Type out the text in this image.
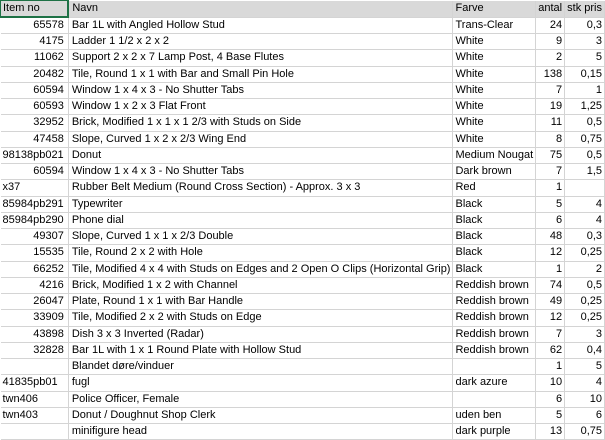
Item no	Navn	Farve	antal	stk pris
65578	Bar 1L with Angled Hollow Stud	Trans-Clear	24	0,3
4175	Ladder 1 1/2 x 2 x 2	White	9	3
11062	Support 2 x 2 x 7 Lamp Post, 4 Base Flutes	White	2	5
20482	Tile, Round 1 x 1 with Bar and Small Pin Hole	White	138	0,15
60594	Window 1 x 4 x 3 - No Shutter Tabs	White	7	1
60593	Window 1 x 2 x 3 Flat Front	White	19	1,25
32952	Brick, Modified 1 x 1 x 1 2/3 with Studs on Side	White	11	0,5
47458	Slope, Curved 1 x 2 x 2/3 Wing End	White	8	0,75
98138pb021	Donut	Medium Nougat	75	0,5
60594	Window 1 x 4 x 3 - No Shutter Tabs	Dark brown	7	1,5
x37	Rubber Belt Medium (Round Cross Section) - Approx. 3 x 3	Red	1	
85984pb291	Typewriter	Black	5	4
85984pb290	Phone dial	Black	6	4
49307	Slope, Curved 1 x 1 x 2/3 Double	Black	48	0,3
15535	Tile, Round 2 x 2 with Hole	Black	12	0,25
66252	Tile, Modified 4 x 4 with Studs on Edges and 2 Open O Clips (Horizontal Grip)	Black	1	2
4216	Brick, Modified 1 x 2 with Channel	Reddish brown	74	0,5
26047	Plate, Round 1 x 1 with Bar Handle	Reddish brown	49	0,25
33909	Tile, Modified 2 x 2 with Studs on Edge	Reddish brown	12	0,25
43898	Dish 3 x 3 Inverted (Radar)	Reddish brown	7	3
32828	Bar 1L with 1 x 1 Round Plate with Hollow Stud	Reddish brown	62	0,4
	Blandet døre/vinduer		1	5
41835pb01	fugl	dark azure	10	4
twn406	Police Officer, Female		6	10
twn403	Donut / Doughnut Shop Clerk	uden ben	5	6
	minifigure head	dark purple	13	0,75
